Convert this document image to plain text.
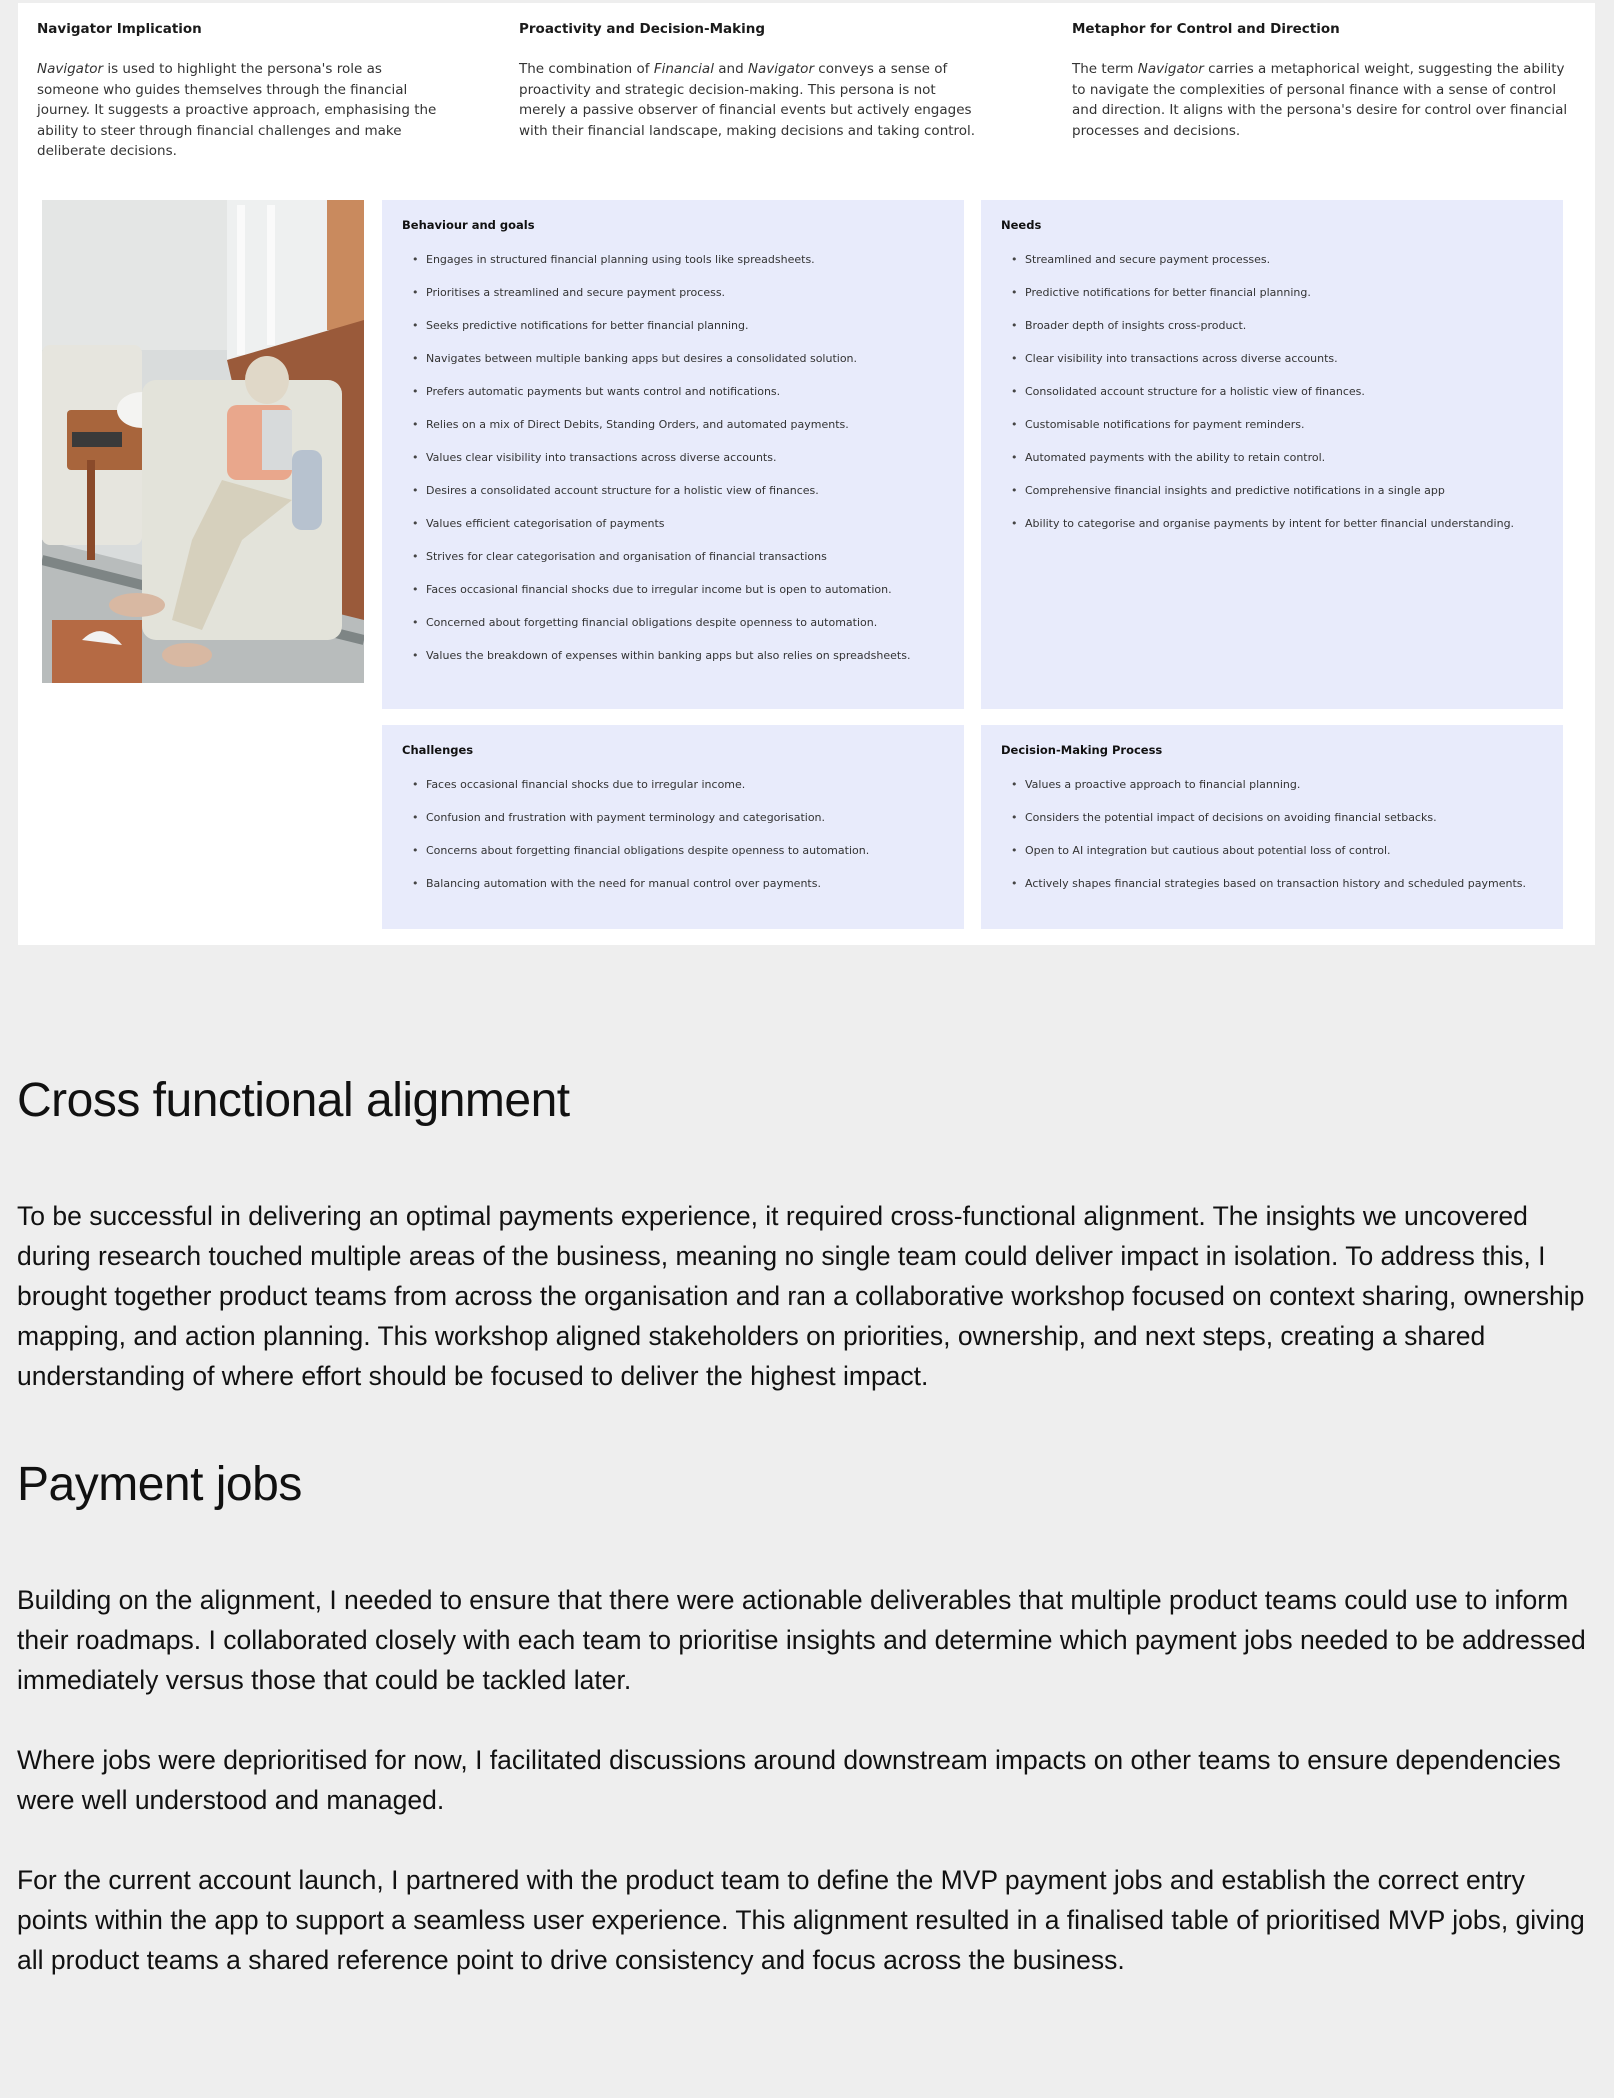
Navigator Implication

Navigator is used to highlight the persona's role as someone who guides themselves through the financial journey. It suggests a proactive approach, emphasising the ability to steer through financial challenges and make deliberate decisions.

Proactivity and Decision-Making

The combination of Financial and Navigator conveys a sense of proactivity and strategic decision-making. This persona is not merely a passive observer of financial events but actively engages with their financial landscape, making decisions and taking control.

Metaphor for Control and Direction

The term Navigator carries a metaphorical weight, suggesting the ability to navigate the complexities of personal finance with a sense of control and direction. It aligns with the persona's desire for control over financial processes and decisions.

Behaviour and goals
• Engages in structured financial planning using tools like spreadsheets.
• Prioritises a streamlined and secure payment process.
• Seeks predictive notifications for better financial planning.
• Navigates between multiple banking apps but desires a consolidated solution.
• Prefers automatic payments but wants control and notifications.
• Relies on a mix of Direct Debits, Standing Orders, and automated payments.
• Values clear visibility into transactions across diverse accounts.
• Desires a consolidated account structure for a holistic view of finances.
• Values efficient categorisation of payments
• Strives for clear categorisation and organisation of financial transactions
• Faces occasional financial shocks due to irregular income but is open to automation.
• Concerned about forgetting financial obligations despite openness to automation.
• Values the breakdown of expenses within banking apps but also relies on spreadsheets.
Needs
• Streamlined and secure payment processes.
• Predictive notifications for better financial planning.
• Broader depth of insights cross-product.
• Clear visibility into transactions across diverse accounts.
• Consolidated account structure for a holistic view of finances.
• Customisable notifications for payment reminders.
• Automated payments with the ability to retain control.
• Comprehensive financial insights and predictive notifications in a single app
• Ability to categorise and organise payments by intent for better financial understanding.
Challenges
• Faces occasional financial shocks due to irregular income.
• Confusion and frustration with payment terminology and categorisation.
• Concerns about forgetting financial obligations despite openness to automation.
• Balancing automation with the need for manual control over payments.
Decision-Making Process
• Values a proactive approach to financial planning.
• Considers the potential impact of decisions on avoiding financial setbacks.
• Open to AI integration but cautious about potential loss of control.
• Actively shapes financial strategies based on transaction history and scheduled payments.
Cross functional alignment

To be successful in delivering an optimal payments experience, it required cross-functional alignment. The insights we uncovered during research touched multiple areas of the business, meaning no single team could deliver impact in isolation. To address this, I brought together product teams from across the organisation and ran a collaborative workshop focused on context sharing, ownership mapping, and action planning. This workshop aligned stakeholders on priorities, ownership, and next steps, creating a shared understanding of where effort should be focused to deliver the highest impact.

Payment jobs

Building on the alignment, I needed to ensure that there were actionable deliverables that multiple product teams could use to inform their roadmaps. I collaborated closely with each team to prioritise insights and determine which payment jobs needed to be addressed immediately versus those that could be tackled later.

Where jobs were deprioritised for now, I facilitated discussions around downstream impacts on other teams to ensure dependencies were well understood and managed.

For the current account launch, I partnered with the product team to define the MVP payment jobs and establish the correct entry points within the app to support a seamless user experience. This alignment resulted in a finalised table of prioritised MVP jobs, giving all product teams a shared reference point to drive consistency and focus across the business.
